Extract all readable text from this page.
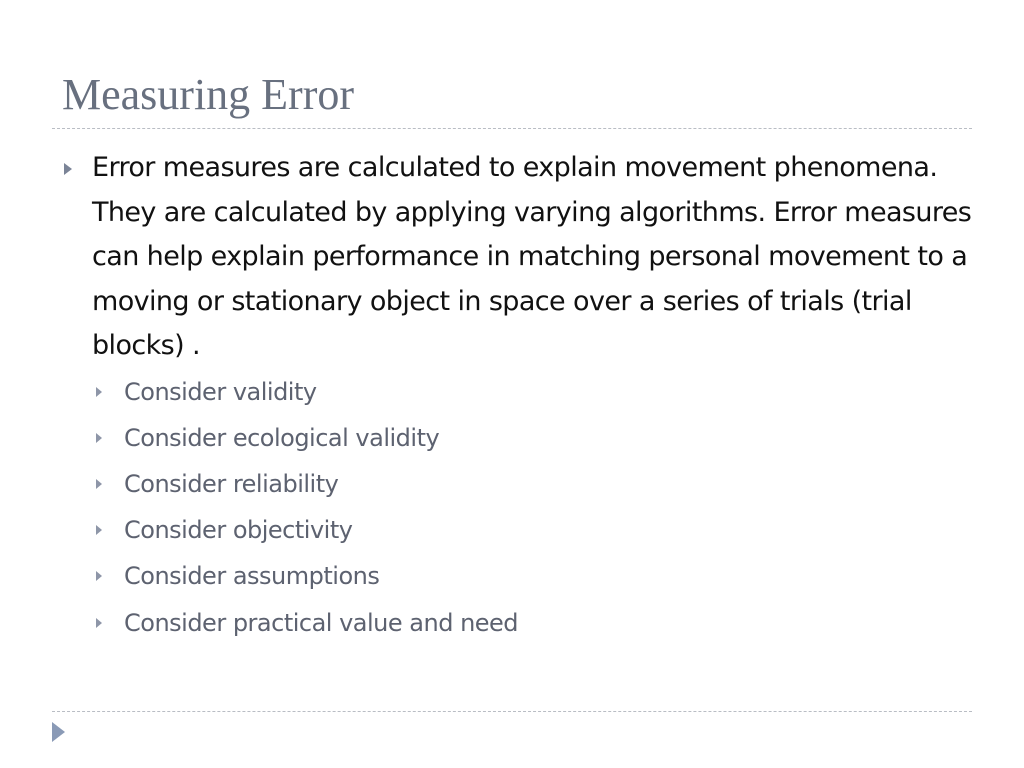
Measuring Error
Error measures are calculated to explain movement phenomena. They are calculated by applying varying algorithms. Error measures can help explain performance in matching personal movement to a moving or stationary object in space over a series of trials (trial blocks) .
Consider validity
Consider ecological validity
Consider reliability
Consider objectivity
Consider assumptions
Consider practical value and need
